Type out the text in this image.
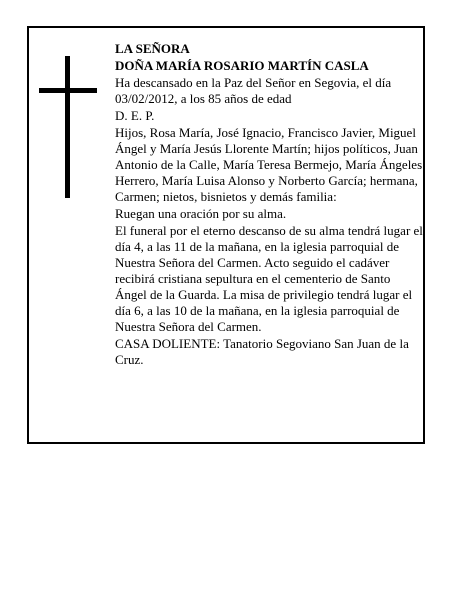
LA SEÑORA

DOÑA MARÍA ROSARIO MARTÍN CASLA

Ha descansado en la Paz del Señor en Segovia, el día 03/02/2012, a los 85 años de edad

D. E. P.

Hijos, Rosa María, José Ignacio, Francisco Javier, Miguel Ángel y María Jesús Llorente Martín; hijos políticos, Juan Antonio de la Calle, María Teresa Bermejo, María Ángeles Herrero, María Luisa Alonso y Norberto García; hermana, Carmen; nietos, bisnietos y demás familia:

Ruegan una oración por su alma.

El funeral por el eterno descanso de su alma tendrá lugar el día 4, a las 11 de la mañana, en la iglesia parroquial de Nuestra Señora del Carmen. Acto seguido el cadáver recibirá cristiana sepultura en el cementerio de Santo Ángel de la Guarda. La misa de privilegio tendrá lugar el día 6, a las 10 de la mañana, en la iglesia parroquial de Nuestra Señora del Carmen.

CASA DOLIENTE: Tanatorio Segoviano San Juan de la Cruz.
